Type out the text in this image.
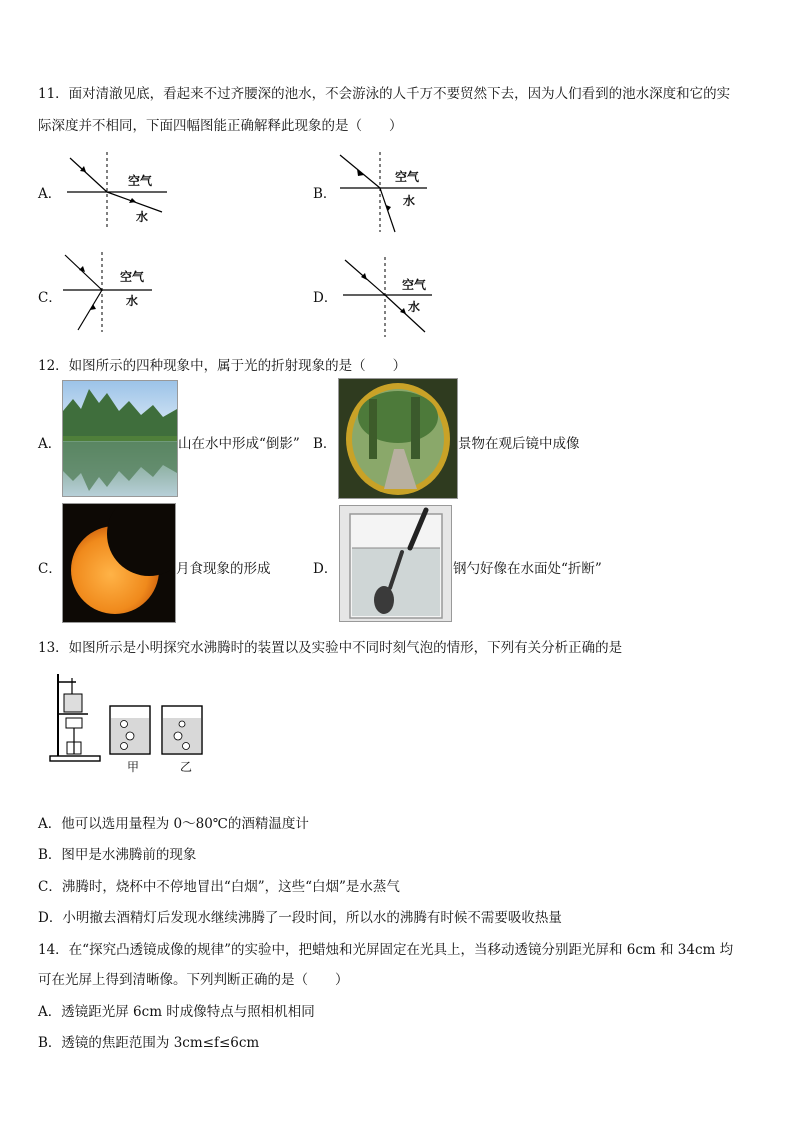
11．面对清澈见底，看起来不过齐腰深的池水，不会游泳的人千万不要贸然下去，因为人们看到的池水深度和它的实
际深度并不相同，下面四幅图能正确解释此现象的是（　　）
A．
空气
水
B．
空气
水
C．
空气
水	D．
空气
水
12．如图所示的四种现象中，属于光的折射现象的是（　　）
A．	山在水中形成“倒影” B．	景物在观后镜中成像
C．	月食现象的形成	D．	钢勺好像在水面处“折断”
13．如图所示是小明探究水沸腾时的装置以及实验中不同时刻气泡的情形，下列有关分析正确的是
甲	乙
A．他可以选用量程为 0～80℃的酒精温度计
B．图甲是水沸腾前的现象
C．沸腾时，烧杯中不停地冒出“白烟”，这些“白烟”是水蒸气
D．小明撤去酒精灯后发现水继续沸腾了一段时间，所以水的沸腾有时候不需要吸收热量
14．在“探究凸透镜成像的规律”的实验中，把蜡烛和光屏固定在光具上，当移动透镜分别距光屏和 6cm 和 34cm 均
可在光屏上得到清晰像。下列判断正确的是（　　）
A．透镜距光屏 6cm 时成像特点与照相机相同
B．透镜的焦距范围为 3cm≤f≤6cm
